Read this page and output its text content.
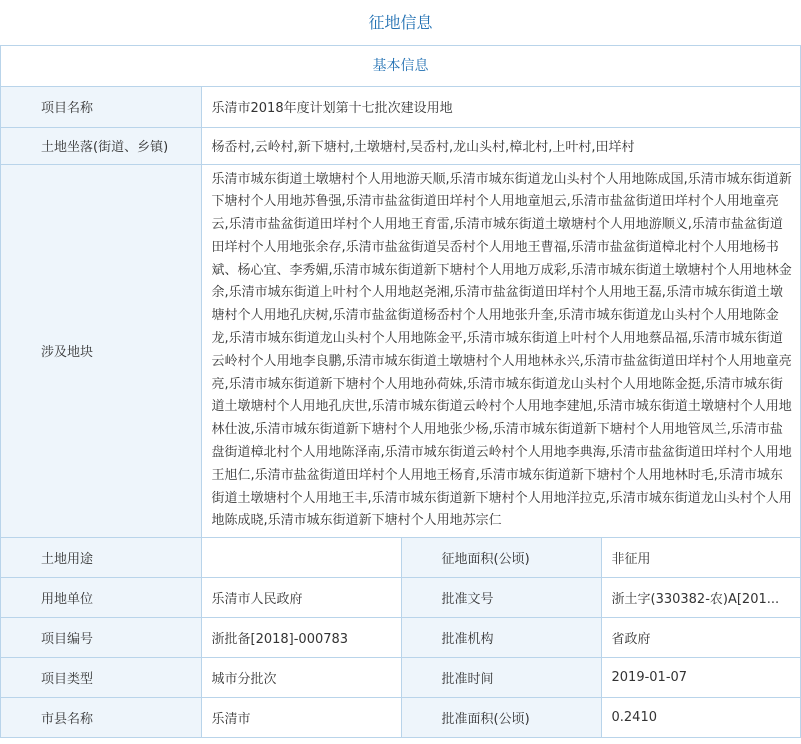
征地信息
基本信息
项目名称	乐清市2018年度计划第十七批次建设用地		
土地坐落(街道、乡镇)	杨岙村,云岭村,新下塘村,土墩塘村,吴岙村,龙山头村,樟北村,上叶村,田垟村		
涉及地块	乐清市城东街道土墩塘村个人用地游天顺,乐清市城东街道龙山头村个人用地陈成国,乐清市城东街道新下塘村个人用地苏鲁强,乐清市盐盆街道田垟村个人用地童旭云,乐清市盐盆街道田垟村个人用地童亮云,乐清市盐盆街道田垟村个人用地王育雷,乐清市城东街道土墩塘村个人用地游顺义,乐清市盐盆街道田垟村个人用地张余存,乐清市盐盆街道吴岙村个人用地王曹福,乐清市盐盆街道樟北村个人用地杨书斌、杨心宜、李秀媚,乐清市城东街道新下塘村个人用地万成彩,乐清市城东街道土墩塘村个人用地林金余,乐清市城东街道上叶村个人用地赵尧湘,乐清市盐盆街道田垟村个人用地王磊,乐清市城东街道土墩塘村个人用地孔庆树,乐清市盐盆街道杨岙村个人用地张升奎,乐清市城东街道龙山头村个人用地陈金龙,乐清市城东街道龙山头村个人用地陈金平,乐清市城东街道上叶村个人用地蔡品福,乐清市城东街道云岭村个人用地李良鹏,乐清市城东街道土墩塘村个人用地林永兴,乐清市盐盆街道田垟村个人用地童亮亮,乐清市城东街道新下塘村个人用地孙荷妹,乐清市城东街道龙山头村个人用地陈金挺,乐清市城东街道土墩塘村个人用地孔庆世,乐清市城东街道云岭村个人用地李建旭,乐清市城东街道土墩塘村个人用地林仕波,乐清市城东街道新下塘村个人用地张少杨,乐清市城东街道新下塘村个人用地管凤兰,乐清市盐盘街道樟北村个人用地陈泽南,乐清市城东街道云岭村个人用地李典海,乐清市盐盆街道田垟村个人用地王旭仁,乐清市盐盆街道田垟村个人用地王杨育,乐清市城东街道新下塘村个人用地林时毛,乐清市城东街道土墩塘村个人用地王丰,乐清市城东街道新下塘村个人用地洋拉克,乐清市城东街道龙山头村个人用地陈成晓,乐清市城东街道新下塘村个人用地苏宗仁		
土地用途		征地面积(公顷)	非征用
用地单位	乐清市人民政府	批准文号	浙土字(330382-农)A[201...
项目编号	浙批备[2018]-000783	批准机构	省政府
项目类型	城市分批次	批准时间	2019-01-07
市县名称	乐清市	批准面积(公顷)	0.2410
